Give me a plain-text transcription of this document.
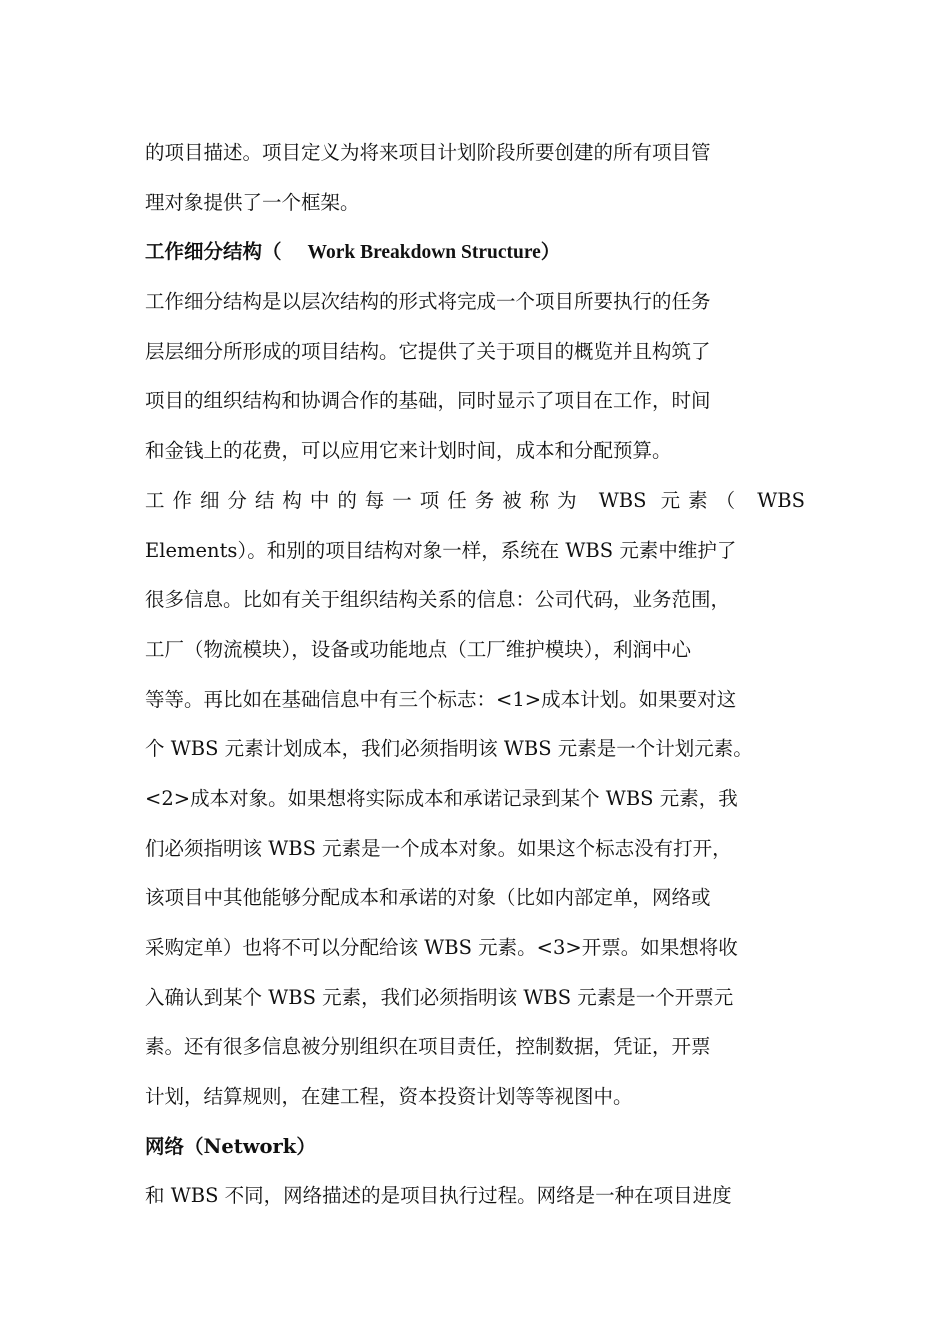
的项目描述。项目定义为将来项目计划阶段所要创建的所有项目管
理对象提供了一个框架。
工作细分结构（ Work Breakdown Structure）
工作细分结构是以层次结构的形式将完成一个项目所要执行的任务
层层细分所形成的项目结构。它提供了关于项目的概览并且构筑了
项目的组织结构和协调合作的基础，同时显示了项目在工作，时间
和金钱上的花费，可以应用它来计划时间，成本和分配预算。
工作细分结构中的每一项任务被称为 WBS 元素（ WBS
Elements）。和别的项目结构对象一样，系统在 WBS 元素中维护了
很多信息。比如有关于组织结构关系的信息：公司代码，业务范围，
工厂（物流模块），设备或功能地点（工厂维护模块），利润中心
等等。再比如在基础信息中有三个标志：<1>成本计划。如果要对这
个 WBS 元素计划成本，我们必须指明该 WBS 元素是一个计划元素。
<2>成本对象。如果想将实际成本和承诺记录到某个 WBS 元素，我
们必须指明该 WBS 元素是一个成本对象。如果这个标志没有打开，
该项目中其他能够分配成本和承诺的对象（比如内部定单，网络或
采购定单）也将不可以分配给该 WBS 元素。<3>开票。如果想将收
入确认到某个 WBS 元素，我们必须指明该 WBS 元素是一个开票元
素。还有很多信息被分别组织在项目责任，控制数据，凭证，开票
计划，结算规则，在建工程，资本投资计划等等视图中。
网络（Network）
和 WBS 不同，网络描述的是项目执行过程。网络是一种在项目进度
